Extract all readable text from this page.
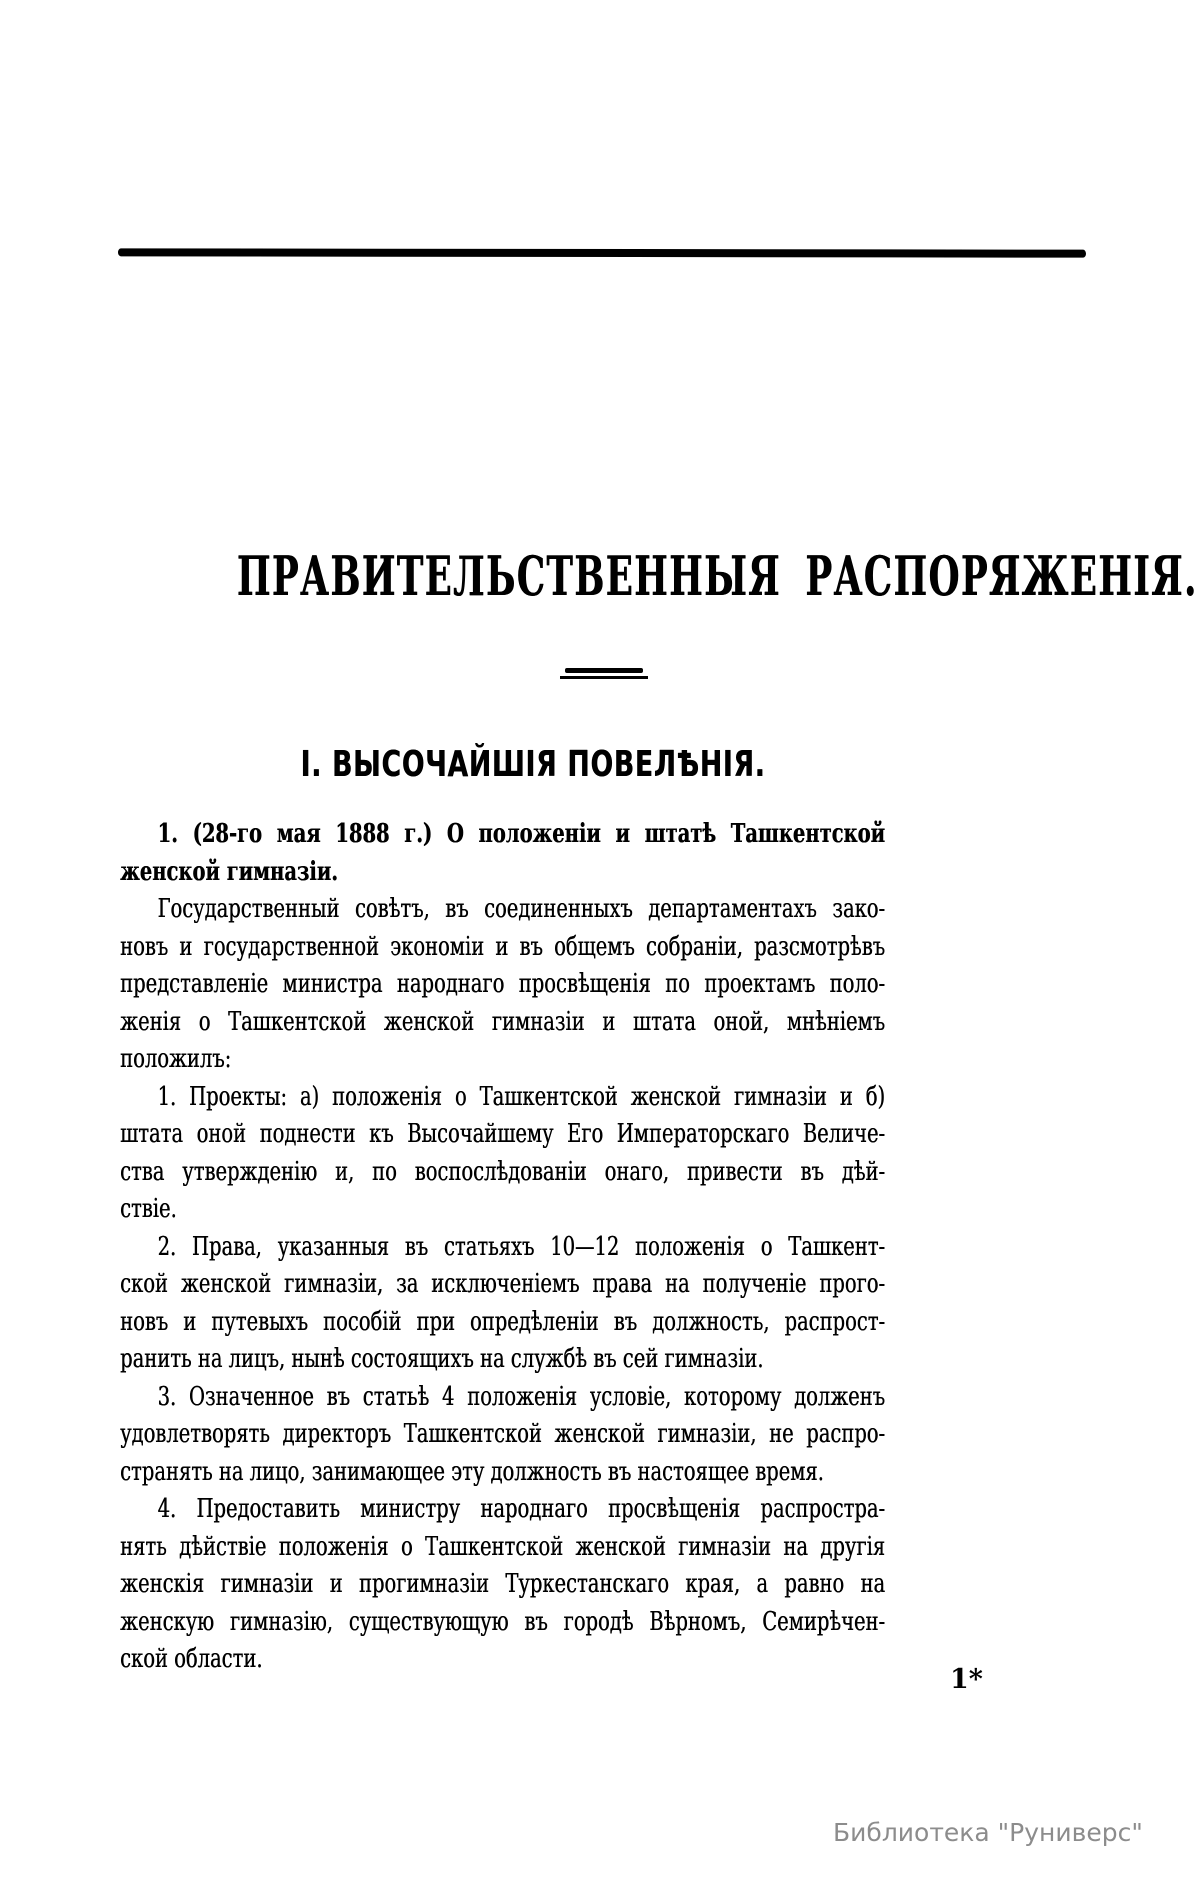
ПРАВИТЕЛЬСТВЕННЫЯ РАСПОРЯЖЕНІЯ.
І. ВЫСОЧАЙШІЯ ПОВЕЛѢНІЯ.
1. (28-го мая 1888 г.) О положеніи и штатѣ Ташкентской
женской гимназіи.
Государственный совѣтъ, въ соединенныхъ департаментахъ зако-
новъ и государственной экономіи и въ общемъ собраніи, разсмотрѣвъ
представленіе министра народнаго просвѣщенія по проектамъ поло-
женія о Ташкентской женской гимназіи и штата оной, мнѣніемъ
положилъ:
1. Проекты: а) положенія о Ташкентской женской гимназіи и б)
штата оной поднести къ Высочайшему Его Императорскаго Величе-
ства утвержденію и, по воспослѣдованіи онаго, привести въ дѣй-
ствіе.
2. Права, указанныя въ статьяхъ 10—12 положенія о Ташкент-
ской женской гимназіи, за исключеніемъ права на полученіе прого-
новъ и путевыхъ пособій при опредѣленіи въ должность, распрост-
ранить на лицъ, нынѣ состоящихъ на службѣ въ сей гимназіи.
3. Означенное въ статьѣ 4 положенія условіе, которому долженъ
удовлетворять директоръ Ташкентской женской гимназіи, не распро-
странять на лицо, занимающее эту должность въ настоящее время.
4. Предоставить министру народнаго просвѣщенія распростра-
нять дѣйствіе положенія о Ташкентской женской гимназіи на другія
женскія гимназіи и прогимназіи Туркестанскаго края, а равно на
женскую гимназію, существующую въ городѣ Вѣрномъ, Семирѣчен-
ской области.
1*
Библиотека "Руниверс"
